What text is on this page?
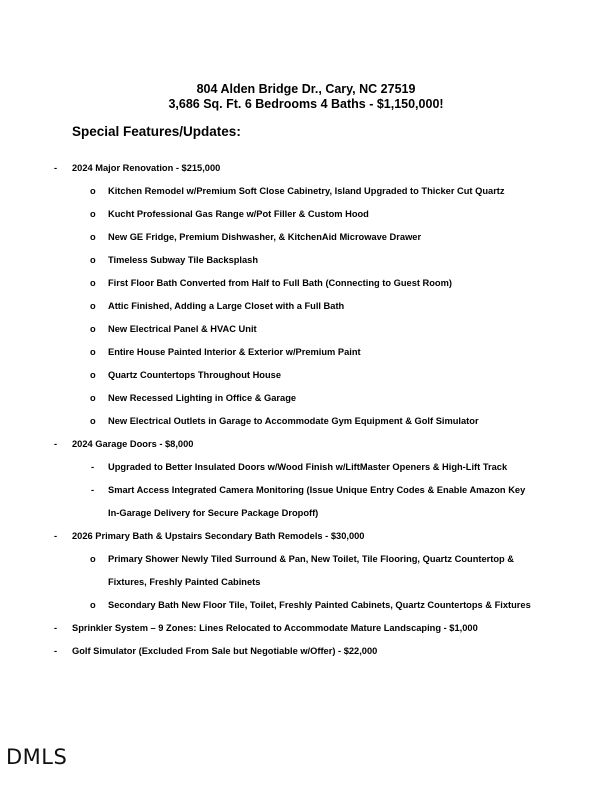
804 Alden Bridge Dr., Cary, NC 27519
3,686 Sq. Ft. 6 Bedrooms 4 Baths - $1,150,000!
Special Features/Updates:
- 2024 Major Renovation - $215,000
o Kitchen Remodel w/Premium Soft Close Cabinetry, Island Upgraded to Thicker Cut Quartz
o Kucht Professional Gas Range w/Pot Filler & Custom Hood
o New GE Fridge, Premium Dishwasher, & KitchenAid Microwave Drawer
o Timeless Subway Tile Backsplash
o First Floor Bath Converted from Half to Full Bath (Connecting to Guest Room)
o Attic Finished, Adding a Large Closet with a Full Bath
o New Electrical Panel & HVAC Unit
o Entire House Painted Interior & Exterior w/Premium Paint
o Quartz Countertops Throughout House
o New Recessed Lighting in Office & Garage
o New Electrical Outlets in Garage to Accommodate Gym Equipment & Golf Simulator
- 2024 Garage Doors - $8,000
- Upgraded to Better Insulated Doors w/Wood Finish w/LiftMaster Openers & High-Lift Track
- Smart Access Integrated Camera Monitoring (Issue Unique Entry Codes & Enable Amazon Key
In-Garage Delivery for Secure Package Dropoff)
- 2026 Primary Bath & Upstairs Secondary Bath Remodels - $30,000
o Primary Shower Newly Tiled Surround & Pan, New Toilet, Tile Flooring, Quartz Countertop &
Fixtures, Freshly Painted Cabinets
o Secondary Bath New Floor Tile, Toilet, Freshly Painted Cabinets, Quartz Countertops & Fixtures
- Sprinkler System – 9 Zones: Lines Relocated to Accommodate Mature Landscaping - $1,000
- Golf Simulator (Excluded From Sale but Negotiable w/Offer) - $22,000
DMLS
